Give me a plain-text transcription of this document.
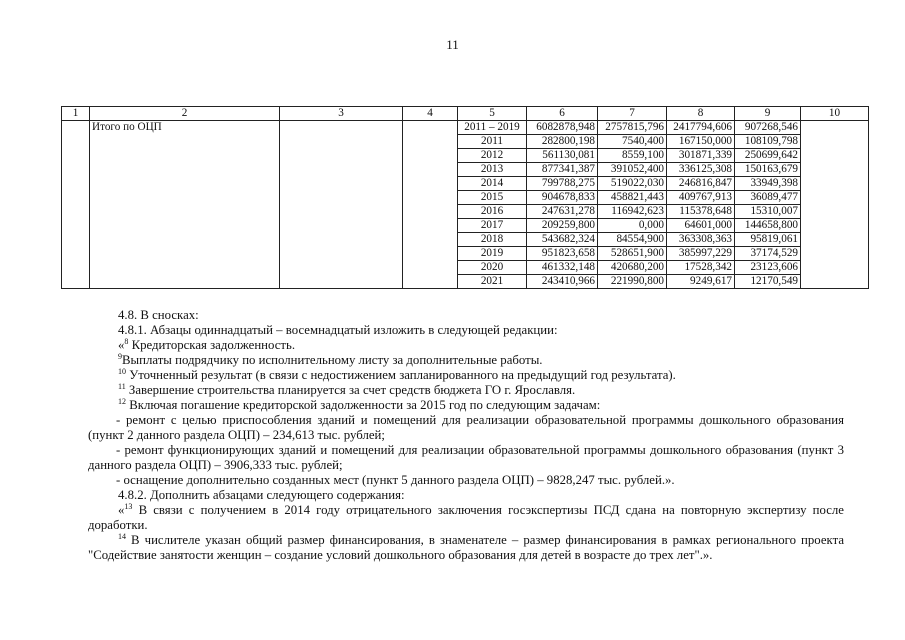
11
1	2	3	4	5	6	7	8	9	10
	Итого по ОЦП			2011 – 2019	6082878,948	2757815,796	2417794,606	907268,546	
				2011	282800,198	7540,400	167150,000	108109,798	
				2012	561130,081	8559,100	301871,339	250699,642	
				2013	877341,387	391052,400	336125,308	150163,679	
				2014	799788,275	519022,030	246816,847	33949,398	
				2015	904678,833	458821,443	409767,913	36089,477	
				2016	247631,278	116942,623	115378,648	15310,007	
				2017	209259,800	0,000	64601,000	144658,800	
				2018	543682,324	84554,900	363308,363	95819,061	
				2019	951823,658	528651,900	385997,229	37174,529	
				2020	461332,148	420680,200	17528,342	23123,606	
				2021	243410,966	221990,800	9249,617	12170,549	

4.8. В сносках:

4.8.1. Абзацы одиннадцатый – восемнадцатый изложить в следующей редакции:

«$^8$ Кредиторская задолженность.

$^9$Выплаты подрядчику по исполнительному листу за дополнительные работы.

$^{10}$ Уточненный результат (в связи с недостижением запланированного на предыдущий год результата).

$^{11}$ Завершение строительства планируется за счет средств бюджета ГО г. Ярославля.

$^{12}$ Включая погашение кредиторской задолженности за 2015 год по следующим задачам:

- ремонт с целью приспособления зданий и помещений для реализации образовательной программы дошкольного образования (пункт 2 данного раздела ОЦП) – 234,613 тыс. рублей;

- ремонт функционирующих зданий и помещений для реализации образовательной программы дошкольного образования (пункт 3 данного раздела ОЦП) – 3906,333 тыс. рублей;

- оснащение дополнительно созданных мест (пункт 5 данного раздела ОЦП) – 9828,247 тыс. рублей.».

4.8.2. Дополнить абзацами следующего содержания:

«$^{13}$ В связи с получением в 2014 году отрицательного заключения госэкспертизы ПСД сдана на повторную экспертизу после доработки.

$^{14}$ В числителе указан общий размер финансирования, в знаменателе – размер финансирования в рамках регионального проекта "Содействие занятости женщин – создание условий дошкольного образования для детей в возрасте до трех лет".».
